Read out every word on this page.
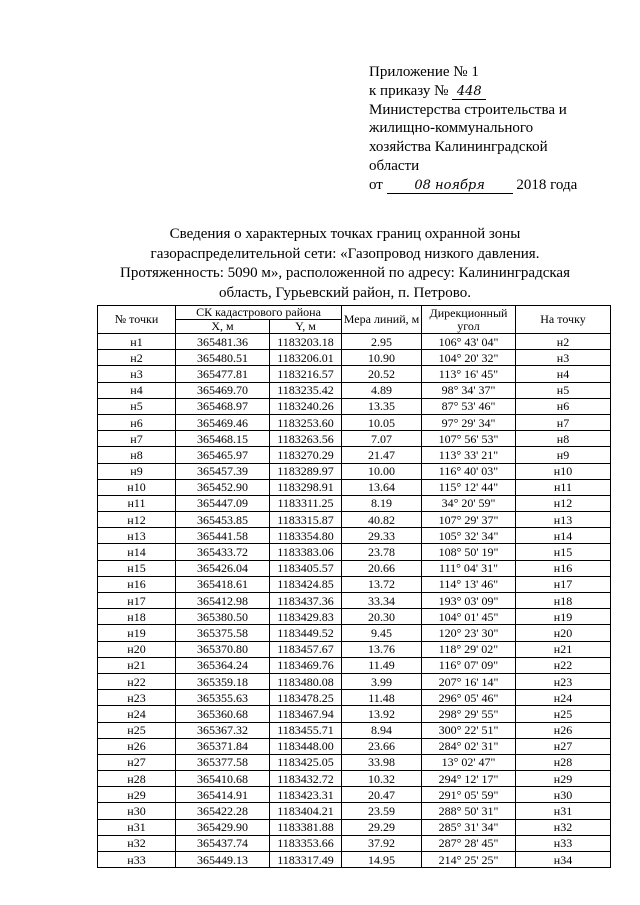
Приложение № 1
к приказу № 448
Министерства строительства и
жилищно-коммунального
хозяйства Калининградской
области
от 08 ноября 2018 года
Сведения о характерных точках границ охранной зоны
газораспределительной сети: «Газопровод низкого давления.
Протяженность: 5090 м», расположенной по адресу: Калининградская
область, Гурьевский район, п. Петрово.
№ точки	СК кадастрового района		Мера линий, м	Дирекционный угол	На точку
	X, м	Y, м			
н1	365481.36	1183203.18	2.95	106° 43' 04"	н2
н2	365480.51	1183206.01	10.90	104° 20' 32"	н3
н3	365477.81	1183216.57	20.52	113° 16' 45"	н4
н4	365469.70	1183235.42	4.89	98° 34' 37"	н5
н5	365468.97	1183240.26	13.35	87° 53' 46"	н6
н6	365469.46	1183253.60	10.05	97° 29' 34"	н7
н7	365468.15	1183263.56	7.07	107° 56' 53"	н8
н8	365465.97	1183270.29	21.47	113° 33' 21"	н9
н9	365457.39	1183289.97	10.00	116° 40' 03"	н10
н10	365452.90	1183298.91	13.64	115° 12' 44"	н11
н11	365447.09	1183311.25	8.19	34° 20' 59"	н12
н12	365453.85	1183315.87	40.82	107° 29' 37"	н13
н13	365441.58	1183354.80	29.33	105° 32' 34"	н14
н14	365433.72	1183383.06	23.78	108° 50' 19"	н15
н15	365426.04	1183405.57	20.66	111° 04' 31"	н16
н16	365418.61	1183424.85	13.72	114° 13' 46"	н17
н17	365412.98	1183437.36	33.34	193° 03' 09"	н18
н18	365380.50	1183429.83	20.30	104° 01' 45"	н19
н19	365375.58	1183449.52	9.45	120° 23' 30"	н20
н20	365370.80	1183457.67	13.76	118° 29' 02"	н21
н21	365364.24	1183469.76	11.49	116° 07' 09"	н22
н22	365359.18	1183480.08	3.99	207° 16' 14"	н23
н23	365355.63	1183478.25	11.48	296° 05' 46"	н24
н24	365360.68	1183467.94	13.92	298° 29' 55"	н25
н25	365367.32	1183455.71	8.94	300° 22' 51"	н26
н26	365371.84	1183448.00	23.66	284° 02' 31"	н27
н27	365377.58	1183425.05	33.98	13° 02' 47"	н28
н28	365410.68	1183432.72	10.32	294° 12' 17"	н29
н29	365414.91	1183423.31	20.47	291° 05' 59"	н30
н30	365422.28	1183404.21	23.59	288° 50' 31"	н31
н31	365429.90	1183381.88	29.29	285° 31' 34"	н32
н32	365437.74	1183353.66	37.92	287° 28' 45"	н33
н33	365449.13	1183317.49	14.95	214° 25' 25"	н34
